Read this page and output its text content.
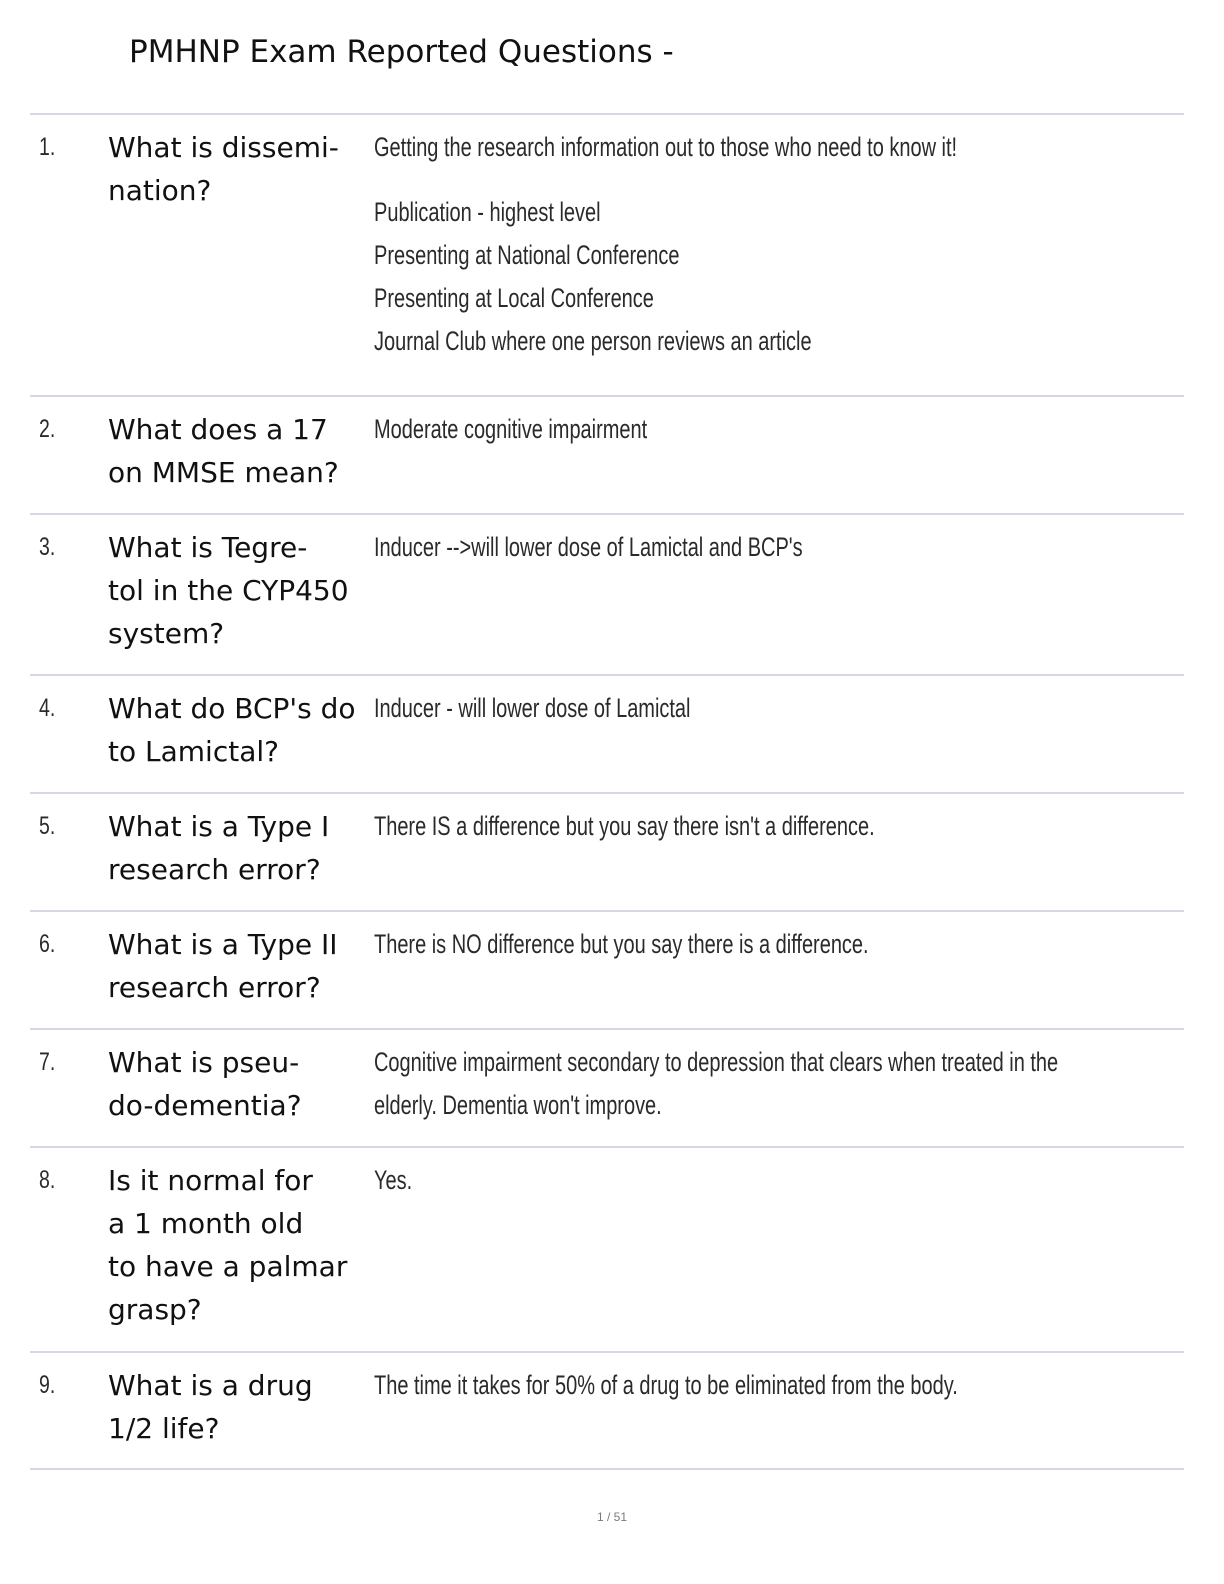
PMHNP Exam Reported Questions -
1. What is dissemi-
nation?
Getting the research information out to those who need to know it!
Publication - highest level
Presenting at National Conference
Presenting at Local Conference
Journal Club where one person reviews an article
2. What does a 17
on MMSE mean?
Moderate cognitive impairment
3. What is Tegre-
tol in the CYP450
system?
Inducer -->will lower dose of Lamictal and BCP's
4. What do BCP's do
to Lamictal?
Inducer - will lower dose of Lamictal
5. What is a Type I
research error?
There IS a difference but you say there isn't a difference.
6. What is a Type II
research error?
There is NO difference but you say there is a difference.
7. What is pseu-
do-dementia?
Cognitive impairment secondary to depression that clears when treated in the
elderly. Dementia won't improve.
8. Is it normal for
a 1 month old
to have a palmar
grasp?
Yes.
9. What is a drug
1/2 life?
The time it takes for 50% of a drug to be eliminated from the body.
1 / 51
